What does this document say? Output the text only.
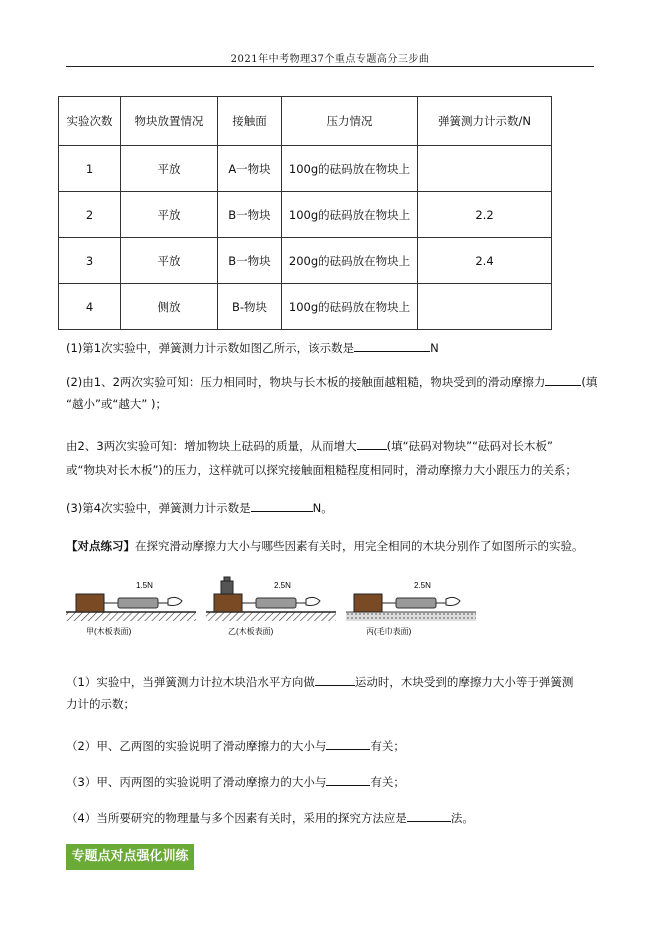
2021年中考物理37个重点专题高分三步曲
实验次数	物块放置情况	接触面	压力情况	弹簧测力计示数/N
1	平放	A一物块	100g的砝码放在物块上	
2	平放	B一物块	100g的砝码放在物块上	2.2
3	平放	B一物块	200g的砝码放在物块上	2.4
4	侧放	B-物块	100g的砝码放在物块上	
(1)第1次实验中，弹簧测力计示数如图乙所示，该示数是	N
(2)由1、2两次实验可知：压力相同时，物块与长木板的接触面越粗糙，物块受到的滑动摩擦力	(填
“越小”或“越大” )；
由2、3两次实验可知：增加物块上砝码的质量，从而增大	(填“砝码对物块”“砝码对长木板”
或“物块对长木板”)的压力，这样就可以探究接触面粗糙程度相同时，滑动摩擦力大小跟压力的关系；
(3)第4次实验中，弹簧测力计示数是	N。
【对点练习】在探究滑动摩擦力大小与哪些因素有关时，用完全相同的木块分别作了如图所示的实验。
1.5N
甲(木板表面)
2.5N
乙(木板表面)
2.5N
丙(毛巾表面)
（1）实验中，当弹簧测力计拉木块沿水平方向做	运动时，木块受到的摩擦力大小等于弹簧测
力计的示数；
（2）甲、乙两图的实验说明了滑动摩擦力的大小与	有关；
（3）甲、丙两图的实验说明了滑动摩擦力的大小与	有关；
（4）当所要研究的物理量与多个因素有关时，采用的探究方法应是	法。
专题点对点强化训练
